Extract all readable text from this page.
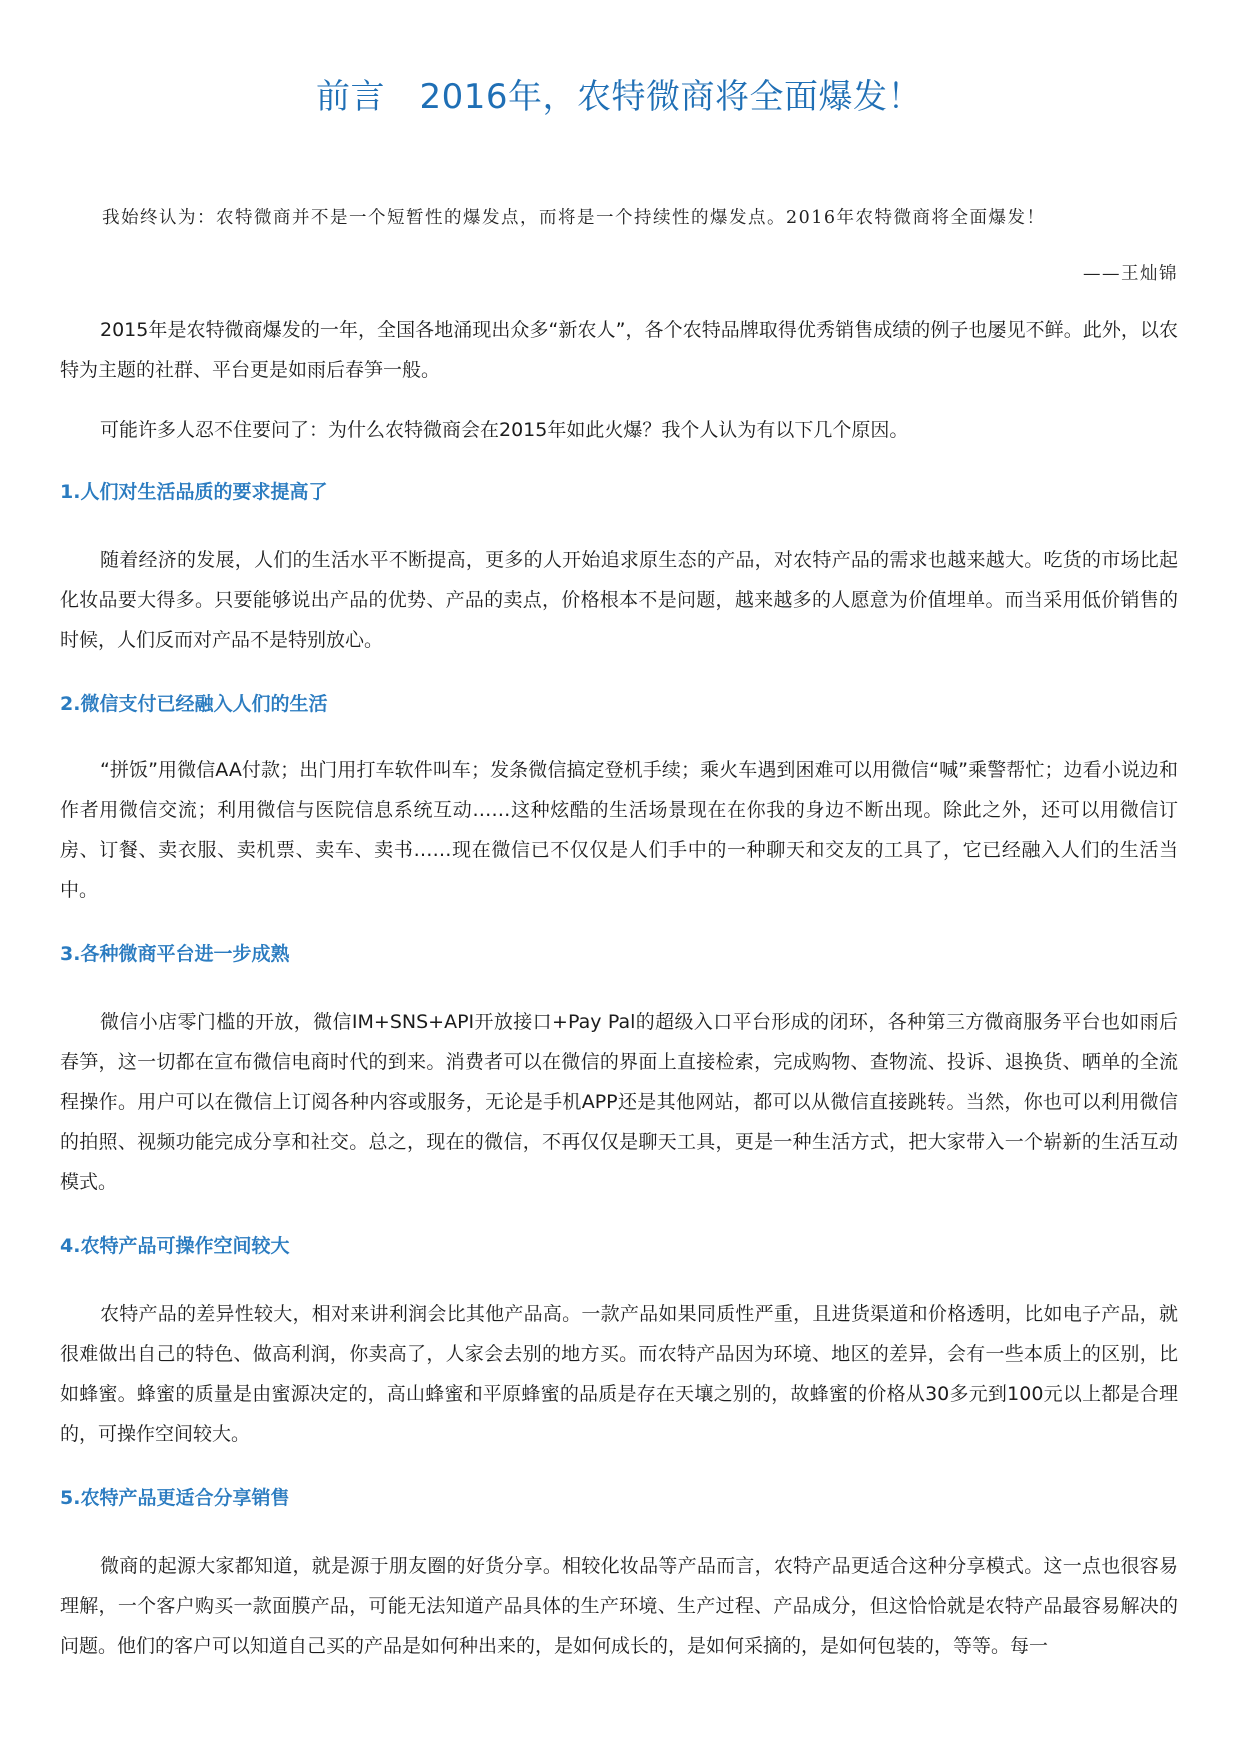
前言　2016年，农特微商将全面爆发！

我始终认为：农特微商并不是一个短暂性的爆发点，而将是一个持续性的爆发点。2016年农特微商将全面爆发！

——王灿锦

2015年是农特微商爆发的一年，全国各地涌现出众多“新农人”，各个农特品牌取得优秀销售成绩的例子也屡见不鲜。此外，以农特为主题的社群、平台更是如雨后春笋一般。

可能许多人忍不住要问了：为什么农特微商会在2015年如此火爆？我个人认为有以下几个原因。

1.人们对生活品质的要求提高了

随着经济的发展，人们的生活水平不断提高，更多的人开始追求原生态的产品，对农特产品的需求也越来越大。吃货的市场比起化妆品要大得多。只要能够说出产品的优势、产品的卖点，价格根本不是问题，越来越多的人愿意为价值埋单。而当采用低价销售的时候，人们反而对产品不是特别放心。

2.微信支付已经融入人们的生活

“拼饭”用微信AA付款；出门用打车软件叫车；发条微信搞定登机手续；乘火车遇到困难可以用微信“喊”乘警帮忙；边看小说边和作者用微信交流；利用微信与医院信息系统互动……这种炫酷的生活场景现在在你我的身边不断出现。除此之外，还可以用微信订房、订餐、卖衣服、卖机票、卖车、卖书……现在微信已不仅仅是人们手中的一种聊天和交友的工具了，它已经融入人们的生活当中。

3.各种微商平台进一步成熟

微信小店零门槛的开放，微信IM+SNS+API开放接口+Pay Pal的超级入口平台形成的闭环，各种第三方微商服务平台也如雨后春笋，这一切都在宣布微信电商时代的到来。消费者可以在微信的界面上直接检索，完成购物、查物流、投诉、退换货、晒单的全流程操作。用户可以在微信上订阅各种内容或服务，无论是手机APP还是其他网站，都可以从微信直接跳转。当然，你也可以利用微信的拍照、视频功能完成分享和社交。总之，现在的微信，不再仅仅是聊天工具，更是一种生活方式，把大家带入一个崭新的生活互动模式。

4.农特产品可操作空间较大

农特产品的差异性较大，相对来讲利润会比其他产品高。一款产品如果同质性严重，且进货渠道和价格透明，比如电子产品，就很难做出自己的特色、做高利润，你卖高了，人家会去别的地方买。而农特产品因为环境、地区的差异，会有一些本质上的区别，比如蜂蜜。蜂蜜的质量是由蜜源决定的，高山蜂蜜和平原蜂蜜的品质是存在天壤之别的，故蜂蜜的价格从30多元到100元以上都是合理的，可操作空间较大。

5.农特产品更适合分享销售

微商的起源大家都知道，就是源于朋友圈的好货分享。相较化妆品等产品而言，农特产品更适合这种分享模式。这一点也很容易理解，一个客户购买一款面膜产品，可能无法知道产品具体的生产环境、生产过程、产品成分，但这恰恰就是农特产品最容易解决的问题。他们的客户可以知道自己买的产品是如何种出来的，是如何成长的，是如何采摘的，是如何包装的，等等。每一
